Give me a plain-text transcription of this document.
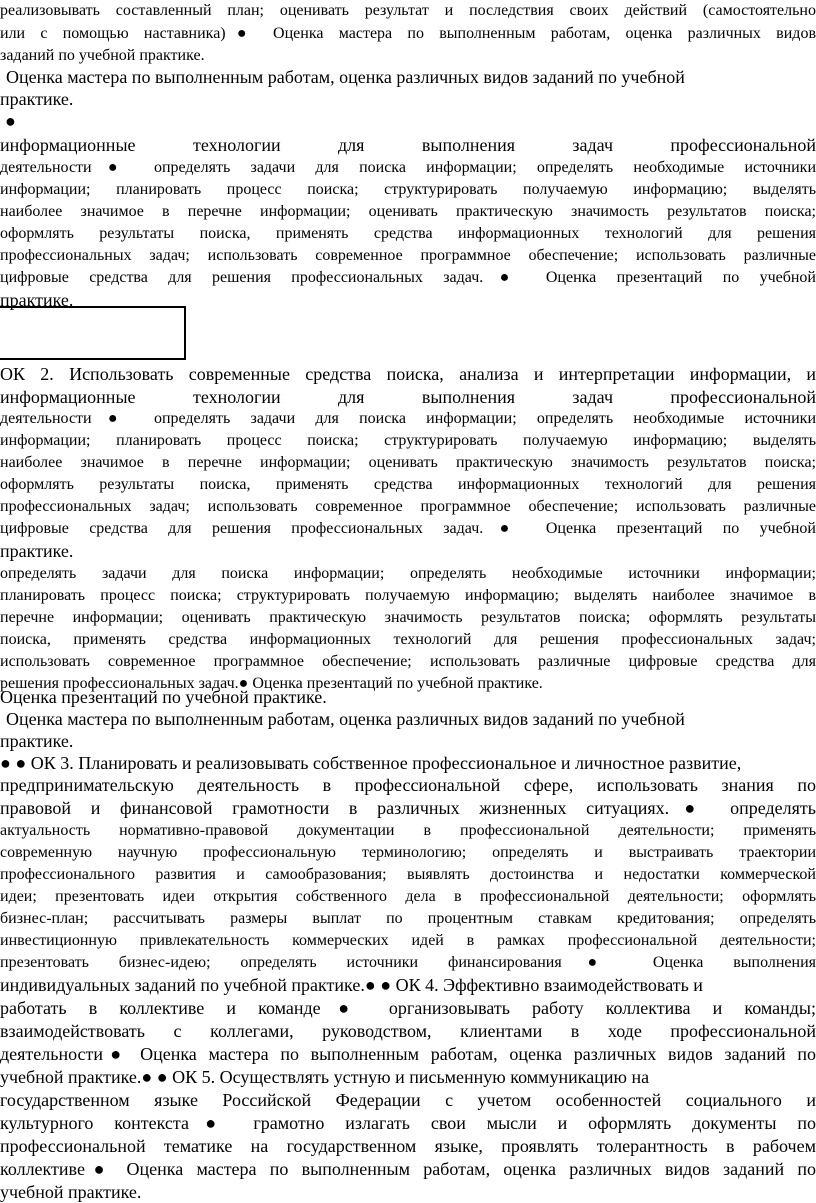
●
реализовывать составленный план; оценивать результат и последствия своих действий (самостоятельно
или с помощью наставника)● Оценка мастера по выполненным работам, оценка различных видов
заданий по учебной практике.
Оценка мастера по выполненным работам, оценка различных видов заданий по учебной
практике.
информационные технологии для выполнения задач профессиональной
деятельности● определять задачи для поиска информации; определять необходимые источники
информации; планировать процесс поиска; структурировать получаемую информацию; выделять
наиболее значимое в перечне информации; оценивать практическую значимость результатов поиска;
оформлять результаты поиска, применять средства информационных технологий для решения
профессиональных задач; использовать современное программное обеспечение; использовать различные
цифровые средства для решения профессиональных задач.● Оценка презентаций по учебной
практике.
ОК 2. Использовать современные средства поиска, анализа и интерпретации информации, и
информационные технологии для выполнения задач профессиональной
деятельности● определять задачи для поиска информации; определять необходимые источники
информации; планировать процесс поиска; структурировать получаемую информацию; выделять
наиболее значимое в перечне информации; оценивать практическую значимость результатов поиска;
оформлять результаты поиска, применять средства информационных технологий для решения
профессиональных задач; использовать современное программное обеспечение; использовать различные
цифровые средства для решения профессиональных задач.● Оценка презентаций по учебной
практике.
определять задачи для поиска информации; определять необходимые источники информации;
планировать процесс поиска; структурировать получаемую информацию; выделять наиболее значимое в
перечне информации; оценивать практическую значимость результатов поиска; оформлять результаты
поиска, применять средства информационных технологий для решения профессиональных задач;
использовать современное программное обеспечение; использовать различные цифровые средства для
решения профессиональных задач.● Оценка презентаций по учебной практике.
Оценка презентаций по учебной практике.
Оценка мастера по выполненным работам, оценка различных видов заданий по учебной
практике.
● ● ОК 3. Планировать и реализовывать собственное профессиональное и личностное развитие,
предпринимательскую деятельность в профессиональной сфере, использовать знания по
правовой и финансовой грамотности в различных жизненных ситуациях.● определять
актуальность нормативно-правовой документации в профессиональной деятельности; применять
современную научную профессиональную терминологию; определять и выстраивать траектории
профессионального развития и самообразования; выявлять достоинства и недостатки коммерческой
идеи; презентовать идеи открытия собственного дела в профессиональной деятельности; оформлять
бизнес-план; рассчитывать размеры выплат по процентным ставкам кредитования; определять
инвестиционную привлекательность коммерческих идей в рамках профессиональной деятельности;
презентовать бизнес-идею; определять источники финансирования● Оценка выполнения
индивидуальных заданий по учебной практике.● ● ОК 4. Эффективно взаимодействовать и
работать в коллективе и команде● организовывать работу коллектива и команды;
взаимодействовать с коллегами, руководством, клиентами в ходе профессиональной
деятельности● Оценка мастера по выполненным работам, оценка различных видов заданий по
учебной практике.● ● ОК 5. Осуществлять устную и письменную коммуникацию на
государственном языке Российской Федерации с учетом особенностей социального и
культурного контекста● грамотно излагать свои мысли и оформлять документы по
профессиональной тематике на государственном языке, проявлять толерантность в рабочем
коллективе● Оценка мастера по выполненным работам, оценка различных видов заданий по
учебной практике.
